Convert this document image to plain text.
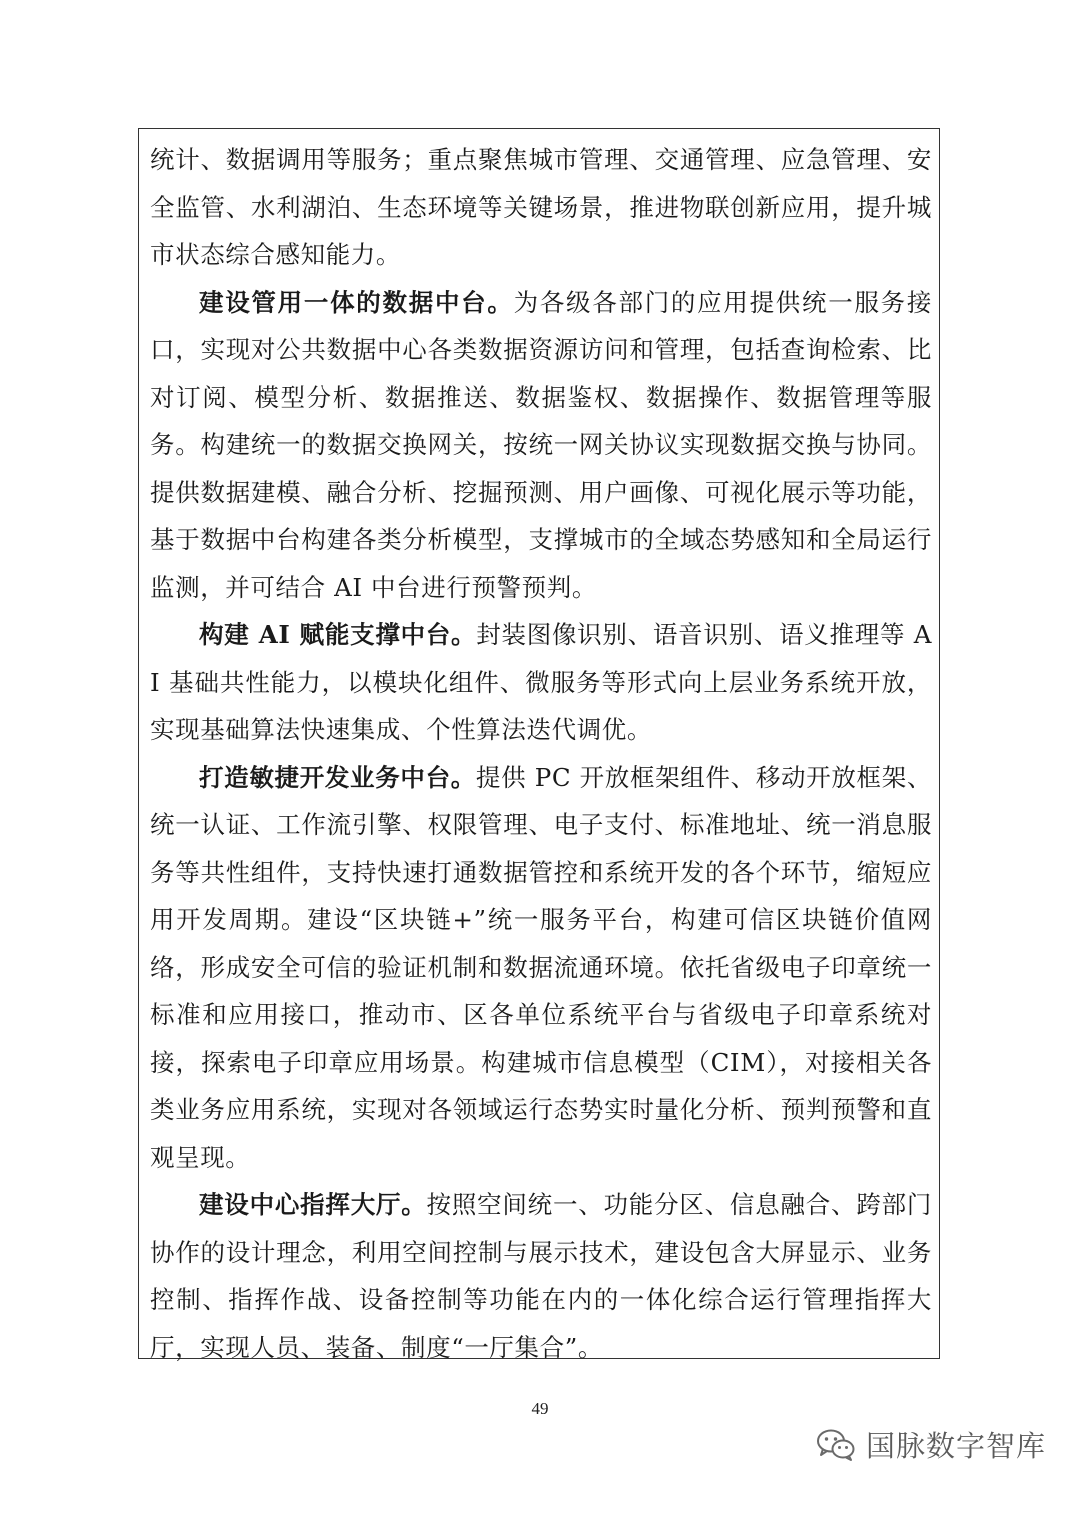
统计、数据调用等服务；重点聚焦城市管理、交通管理、应急管理、安全监管、水利湖泊、生态环境等关键场景，推进物联创新应用，提升城市状态综合感知能力。

建设管用一体的数据中台。为各级各部门的应用提供统一服务接口，实现对公共数据中心各类数据资源访问和管理，包括查询检索、比对订阅、模型分析、数据推送、数据鉴权、数据操作、数据管理等服务。构建统一的数据交换网关，按统一网关协议实现数据交换与协同。提供数据建模、融合分析、挖掘预测、用户画像、可视化展示等功能，基于数据中台构建各类分析模型，支撑城市的全域态势感知和全局运行监测，并可结合 AI 中台进行预警预判。

构建 AI 赋能支撑中台。封装图像识别、语音识别、语义推理等 AI 基础共性能力，以模块化组件、微服务等形式向上层业务系统开放，实现基础算法快速集成、个性算法迭代调优。

打造敏捷开发业务中台。提供 PC 开放框架组件、移动开放框架、统一认证、工作流引擎、权限管理、电子支付、标准地址、统一消息服务等共性组件，支持快速打通数据管控和系统开发的各个环节，缩短应用开发周期。建设“区块链+”统一服务平台，构建可信区块链价值网络，形成安全可信的验证机制和数据流通环境。依托省级电子印章统一标准和应用接口，推动市、区各单位系统平台与省级电子印章系统对接，探索电子印章应用场景。构建城市信息模型（CIM），对接相关各类业务应用系统，实现对各领域运行态势实时量化分析、预判预警和直观呈现。

建设中心指挥大厅。按照空间统一、功能分区、信息融合、跨部门协作的设计理念，利用空间控制与展示技术，建设包含大屏显示、业务控制、指挥作战、设备控制等功能在内的一体化综合运行管理指挥大厅，实现人员、装备、制度“一厅集合”。

49
国脉数字智库
